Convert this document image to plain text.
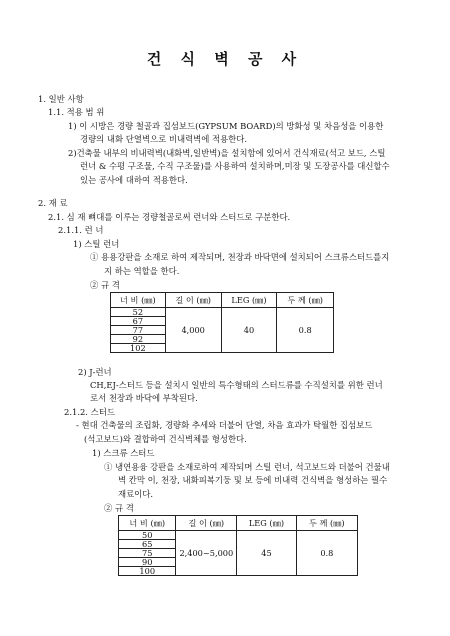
건 식 벽 공 사
1. 일반 사항
1.1. 적용 범 위
1) 이 시방은 경량 철골과 집섬보드(GYPSUM BOARD)의 방화성 및 차음성을 이용한
경량의 내화 단열벽으로 비내력벽에 적용한다.
2)건축물 내부의 비내력벽(내화벽,일반벽)을 설치함에 있어서 건식재료(석고 보드, 스틸
런너 & 수평 구조물, 수직 구조물)를 사용하여 설치하며,미장 및 도장공사를 대신할수
있는 공사에 대하여 적용한다.
2. 재 료
2.1. 심 재 뼈대를 이루는 경량철골로써 런너와 스터드로 구분한다.
2.1.1. 런 너
1) 스틸 런너
① 용용강판을 소재로 하여 제작되며, 천장과 바닥면에 설치되어 스크류스터드를지
지 하는 역할을 한다.
② 규 격
너 비 (㎜)	길 이 (㎜)	LEG (㎜)	두 께 (㎜)
52	4,000	40	0.8
67			
77			
92			
102			
2) J-런너
CH,EJ-스터드 등을 설치시 일반의 특수형태의 스터드류를 수직설치를 위한 런너
로서 천장과 바닥에 부착된다.
2.1.2. 스터드
- 현대 건축물의 조립화, 경량화 추세와 더불어 단열, 차음 효과가 탁월한 집섬보드
(석고보드)와 결합하여 건식벽체를 형성한다.
1) 스크류 스터드
① 냉연용융 강판을 소재로하여 제작되며 스틸 런너, 석고보드와 더불어 건물내
벽 칸막 이, 천장, 내화피복기둥 및 보 등에 비내력 건식벽을 형성하는 필수
재료이다.
② 규 격
너 비 (㎜)	길 이 (㎜)	LEG (㎜)	두 께 (㎜)
50	2,400~5,000	45	0.8
65			
75			
90			
100			
